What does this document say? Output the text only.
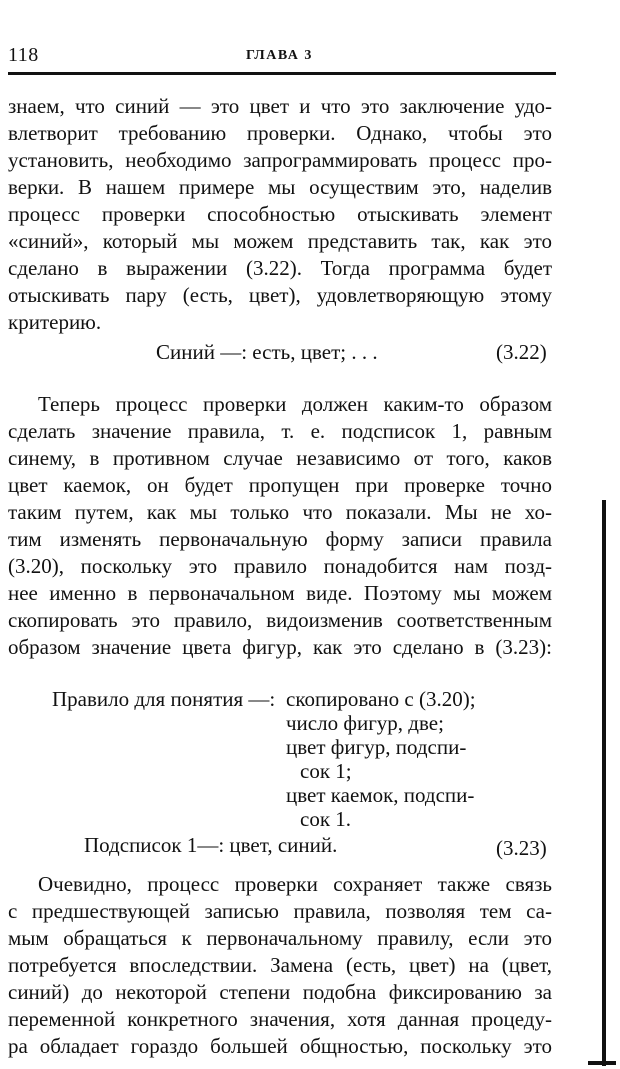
118	ГЛАВА 3
знаем, что синий — это цвет и что это заключение удо-
влетворит требованию проверки. Однако, чтобы это
установить, необходимо запрограммировать процесс про-
верки. В нашем примере мы осуществим это, наделив
процесс проверки способностью отыскивать элемент
«синий», который мы можем представить так, как это
сделано в выражении (3.22). Тогда программа будет
отыскивать пару (есть, цвет), удовлетворяющую этому
критерию.
Синий —: есть, цвет; . . .	(3.22)
Теперь процесс проверки должен каким-то образом
сделать значение правила, т. е. подсписок 1, равным
синему, в противном случае независимо от того, каков
цвет каемок, он будет пропущен при проверке точно
таким путем, как мы только что показали. Мы не хо-
тим изменять первоначальную форму записи правила
(3.20), поскольку это правило понадобится нам позд-
нее именно в первоначальном виде. Поэтому мы можем
скопировать это правило, видоизменив соответственным
образом значение цвета фигур, как это сделано в (3.23):
Правило для понятия —: скопировано с (3.20);
число фигур, две;
цвет фигур, подспи-
сок 1;
цвет каемок, подспи-
сок 1.
Подсписок 1—: цвет, синий.	(3.23)
Очевидно, процесс проверки сохраняет также связь
с предшествующей записью правила, позволяя тем са-
мым обращаться к первоначальному правилу, если это
потребуется впоследствии. Замена (есть, цвет) на (цвет,
синий) до некоторой степени подобна фиксированию за
переменной конкретного значения, хотя данная процеду-
ра обладает гораздо большей общностью, поскольку это
